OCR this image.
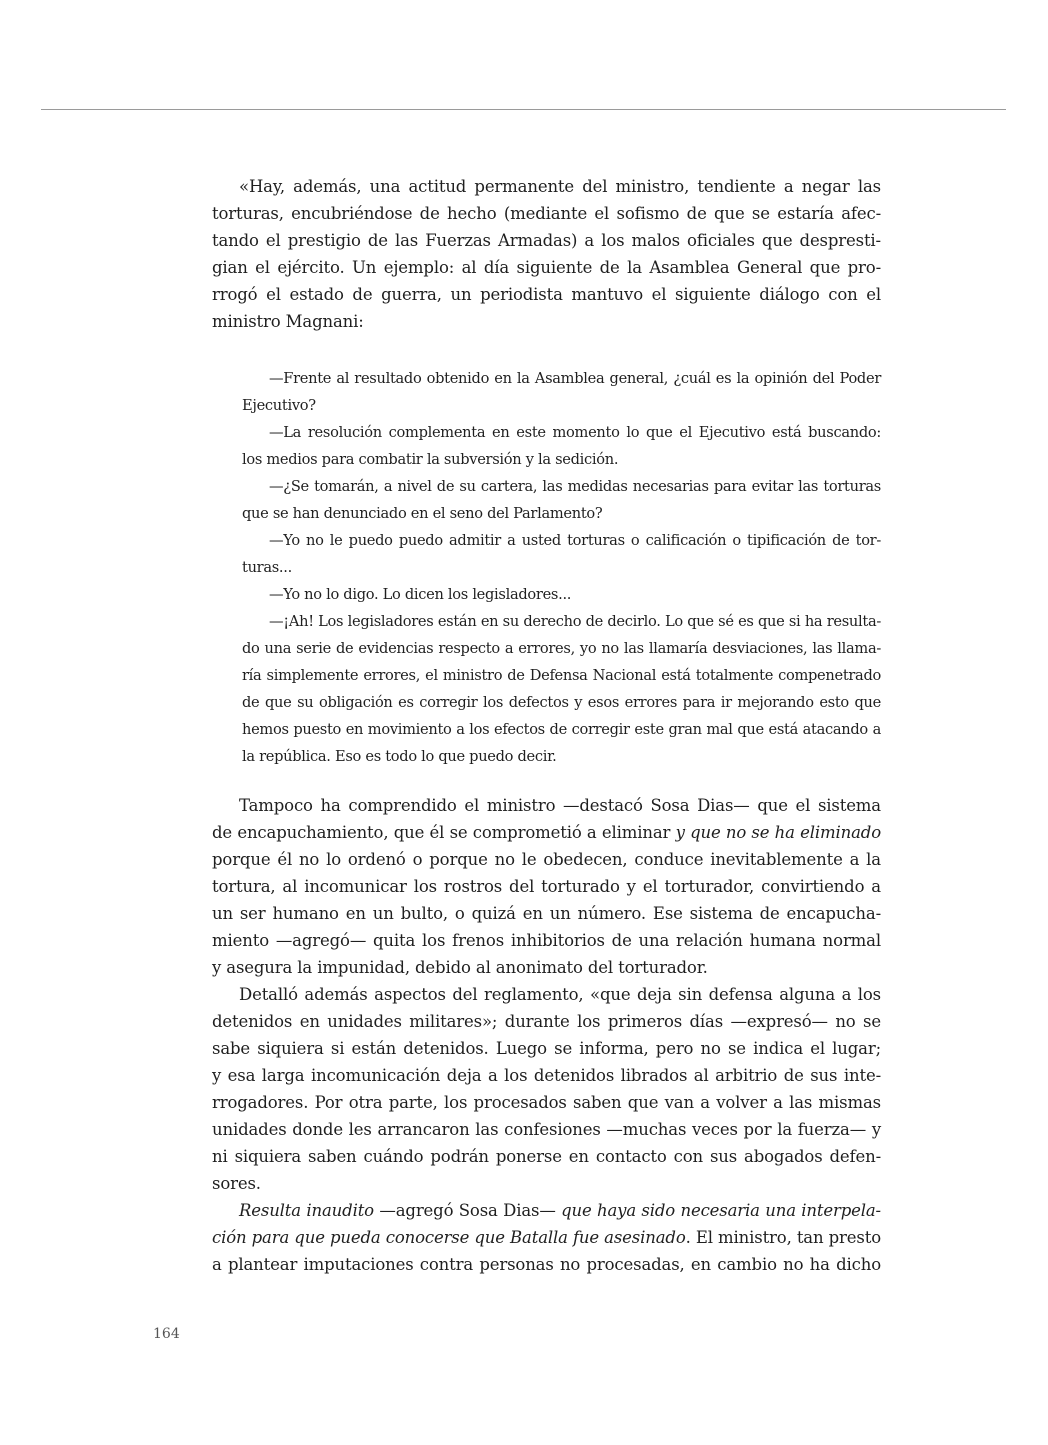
«Hay, además, una actitud permanente del ministro, tendiente a negar las
torturas, encubriéndose de hecho (mediante el sofismo de que se estaría afec-
tando el prestigio de las Fuerzas Armadas) a los malos oficiales que despresti-
gian el ejército. Un ejemplo: al día siguiente de la Asamblea General que pro-
rrogó el estado de guerra, un periodista mantuvo el siguiente diálogo con el
ministro Magnani:
—Frente al resultado obtenido en la Asamblea general, ¿cuál es la opinión del Poder
Ejecutivo?
—La resolución complementa en este momento lo que el Ejecutivo está buscando:
los medios para combatir la subversión y la sedición.
—¿Se tomarán, a nivel de su cartera, las medidas necesarias para evitar las torturas
que se han denunciado en el seno del Parlamento?
—Yo no le puedo puedo admitir a usted torturas o calificación o tipificación de tor-
turas...
—Yo no lo digo. Lo dicen los legisladores...
—¡Ah! Los legisladores están en su derecho de decirlo. Lo que sé es que si ha resulta-
do una serie de evidencias respecto a errores, yo no las llamaría desviaciones, las llama-
ría simplemente errores, el ministro de Defensa Nacional está totalmente compenetrado
de que su obligación es corregir los defectos y esos errores para ir mejorando esto que
hemos puesto en movimiento a los efectos de corregir este gran mal que está atacando a
la república. Eso es todo lo que puedo decir.
Tampoco ha comprendido el ministro —destacó Sosa Dias— que el sistema
de encapuchamiento, que él se comprometió a eliminar y que no se ha eliminado
porque él no lo ordenó o porque no le obedecen, conduce inevitablemente a la
tortura, al incomunicar los rostros del torturado y el torturador, convirtiendo a
un ser humano en un bulto, o quizá en un número. Ese sistema de encapucha-
miento —agregó— quita los frenos inhibitorios de una relación humana normal
y asegura la impunidad, debido al anonimato del torturador.
Detalló además aspectos del reglamento, «que deja sin defensa alguna a los
detenidos en unidades militares»; durante los primeros días —expresó— no se
sabe siquiera si están detenidos. Luego se informa, pero no se indica el lugar;
y esa larga incomunicación deja a los detenidos librados al arbitrio de sus inte-
rrogadores. Por otra parte, los procesados saben que van a volver a las mismas
unidades donde les arrancaron las confesiones —muchas veces por la fuerza— y
ni siquiera saben cuándo podrán ponerse en contacto con sus abogados defen-
sores.
Resulta inaudito —agregó Sosa Dias— que haya sido necesaria una interpela-
ción para que pueda conocerse que Batalla fue asesinado. El ministro, tan presto
a plantear imputaciones contra personas no procesadas, en cambio no ha dicho
164
